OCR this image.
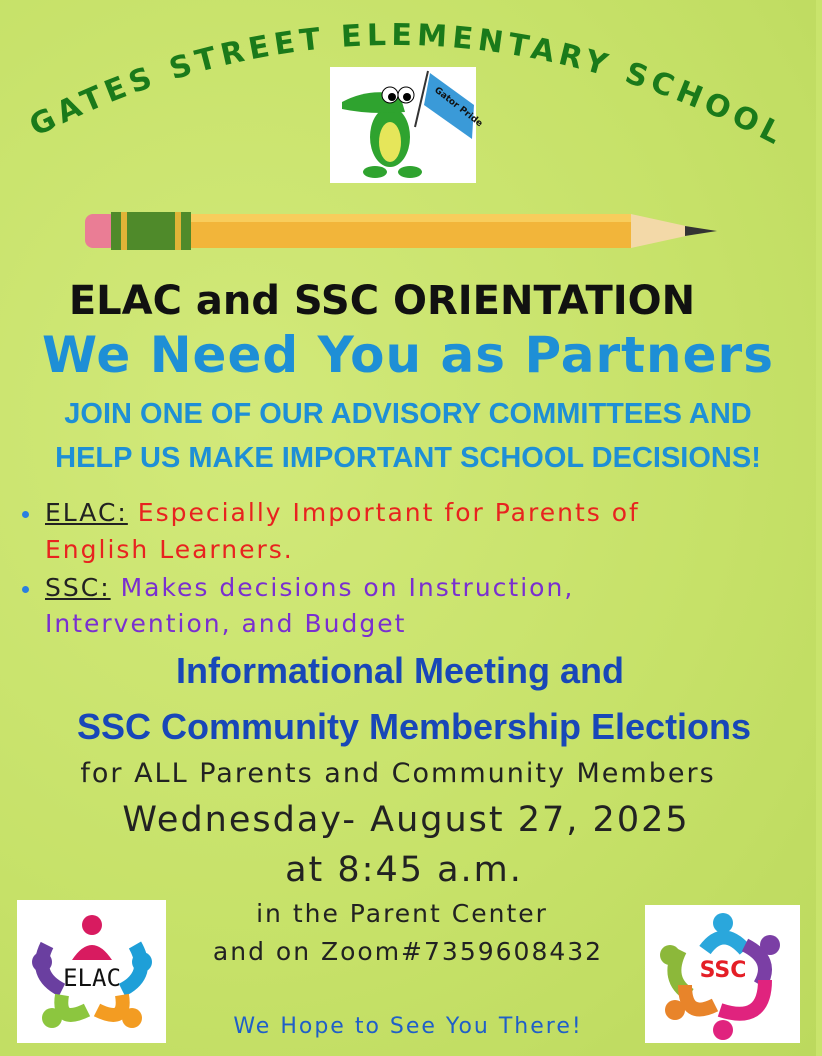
GATES STREET ELEMENTARY SCHOOL
Gator Pride
ELAC and SSC ORIENTATION
We Need You as Partners
JOIN ONE OF OUR ADVISORY COMMITTEES AND
HELP US MAKE IMPORTANT SCHOOL DECISIONS!
ELAC: Especially Important for Parents of
English Learners.
SSC: Makes decisions on Instruction,
Intervention, and Budget
Informational Meeting and
SSC Community Membership Elections
for ALL Parents and Community Members
Wednesday- August 27, 2025
at 8:45 a.m.
in the Parent Center
and on Zoom#7359608432
We Hope to See You There!
ELAC	SSC
